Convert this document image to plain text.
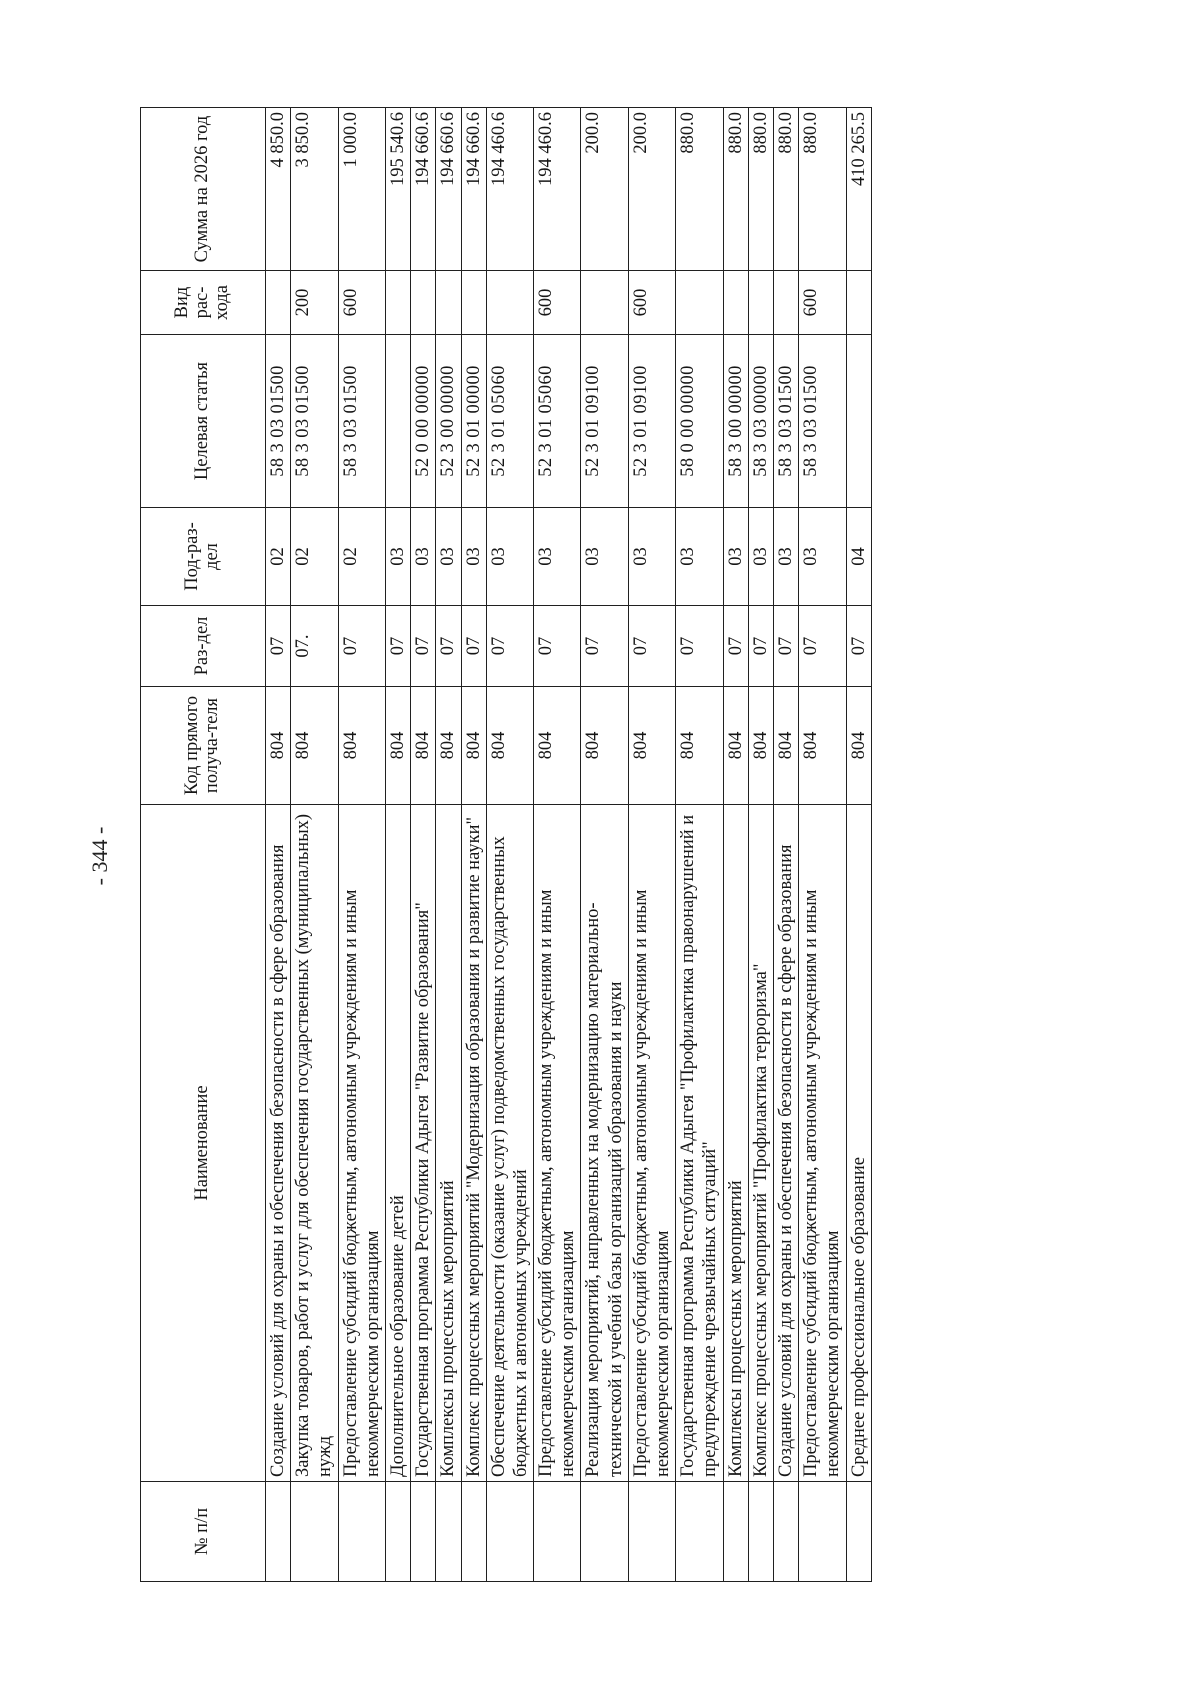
- 344 -
№ п/п	Наименование	Код прямого получа-теля	Раз-дел	Под-раз-дел	Целевая статья	Вид рас-хода	Сумма на 2026 год
	Создание условий для охраны и обеспечения безопасности в сфере образования	804	07	02	58 3 03 01500		4 850.0
	Закупка товаров, работ и услуг для обеспечения государственных (муниципальных) нужд	804	07.	02	58 3 03 01500	200	3 850.0
	Предоставление субсидий бюджетным, автономным учреждениям и иным некоммерческим организациям	804	07	02	58 3 03 01500	600	1 000.0
	Дополнительное образование детей	804	07	03			195 540.6
	Государственная программа Республики Адыгея "Развитие образования"	804	07	03	52 0 00 00000		194 660.6
	Комплексы процессных мероприятий	804	07	03	52 3 00 00000		194 660.6
	Комплекс процессных мероприятий "Модернизация образования и развитие науки"	804	07	03	52 3 01 00000		194 660.6
	Обеспечение деятельности (оказание услуг) подведомственных государственных бюджетных и автономных учреждений	804	07	03	52 3 01 05060		194 460.6
	Предоставление субсидий бюджетным, автономным учреждениям и иным некоммерческим организациям	804	07	03	52 3 01 05060	600	194 460.6
	Реализация мероприятий, направленных на модернизацию материально-технической и учебной базы организаций образования и науки	804	07	03	52 3 01 09100		200.0
	Предоставление субсидий бюджетным, автономным учреждениям и иным некоммерческим организациям	804	07	03	52 3 01 09100	600	200.0
	Государственная программа Республики Адыгея "Профилактика правонарушений и предупреждение чрезвычайных ситуаций"	804	07	03	58 0 00 00000		880.0
	Комплексы процессных мероприятий	804	07	03	58 3 00 00000		880.0
	Комплекс процессных мероприятий "Профилактика терроризма"	804	07	03	58 3 03 00000		880.0
	Создание условий для охраны и обеспечения безопасности в сфере образования	804	07	03	58 3 03 01500		880.0
	Предоставление субсидий бюджетным, автономным учреждениям и иным некоммерческим организациям	804	07	03	58 3 03 01500	600	880.0
	Среднее профессиональное образование	804	07	04			410 265.5
